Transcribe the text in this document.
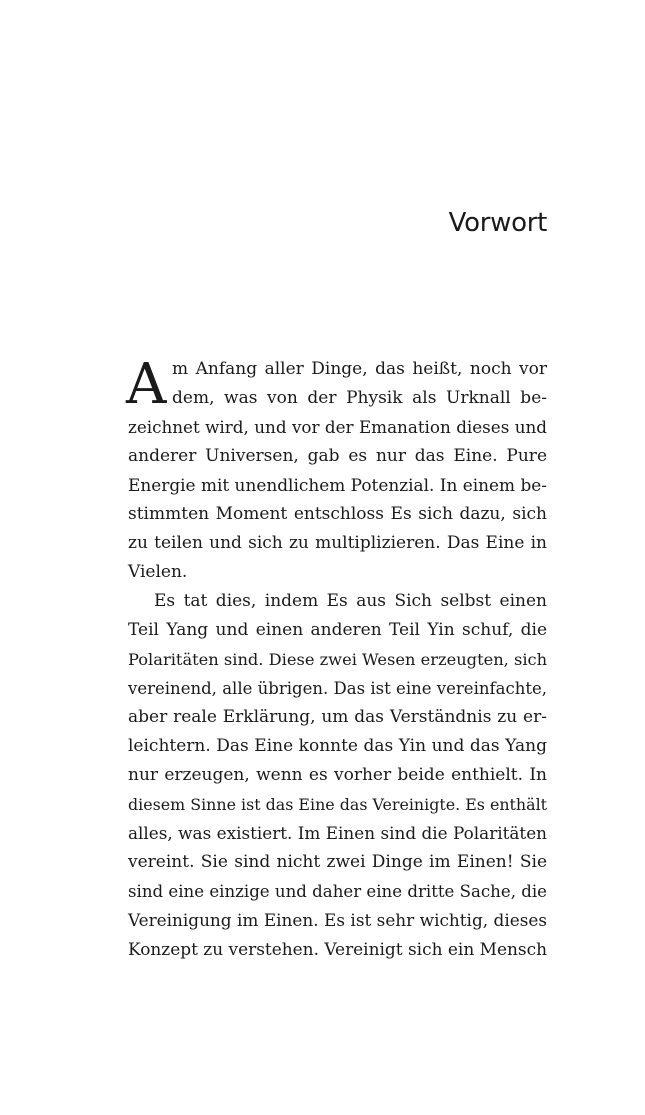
Vorwort
A m Anfang aller Dinge, das heißt, noch vor
dem, was von der Physik als Urknall be-
zeichnet wird, und vor der Emanation dieses und
anderer Universen, gab es nur das Eine. Pure
Energie mit unendlichem Potenzial. In einem be-
stimmten Moment entschloss Es sich dazu, sich
zu teilen und sich zu multiplizieren. Das Eine in
Vielen.
Es tat dies, indem Es aus Sich selbst einen
Teil Yang und einen anderen Teil Yin schuf, die
Polaritäten sind. Diese zwei Wesen erzeugten, sich
vereinend, alle übrigen. Das ist eine vereinfachte,
aber reale Erklärung, um das Verständnis zu er-
leichtern. Das Eine konnte das Yin und das Yang
nur erzeugen, wenn es vorher beide enthielt. In
diesem Sinne ist das Eine das Vereinigte. Es enthält
alles, was existiert. Im Einen sind die Polaritäten
vereint. Sie sind nicht zwei Dinge im Einen! Sie
sind eine einzige und daher eine dritte Sache, die
Vereinigung im Einen. Es ist sehr wichtig, dieses
Konzept zu verstehen. Vereinigt sich ein Mensch
